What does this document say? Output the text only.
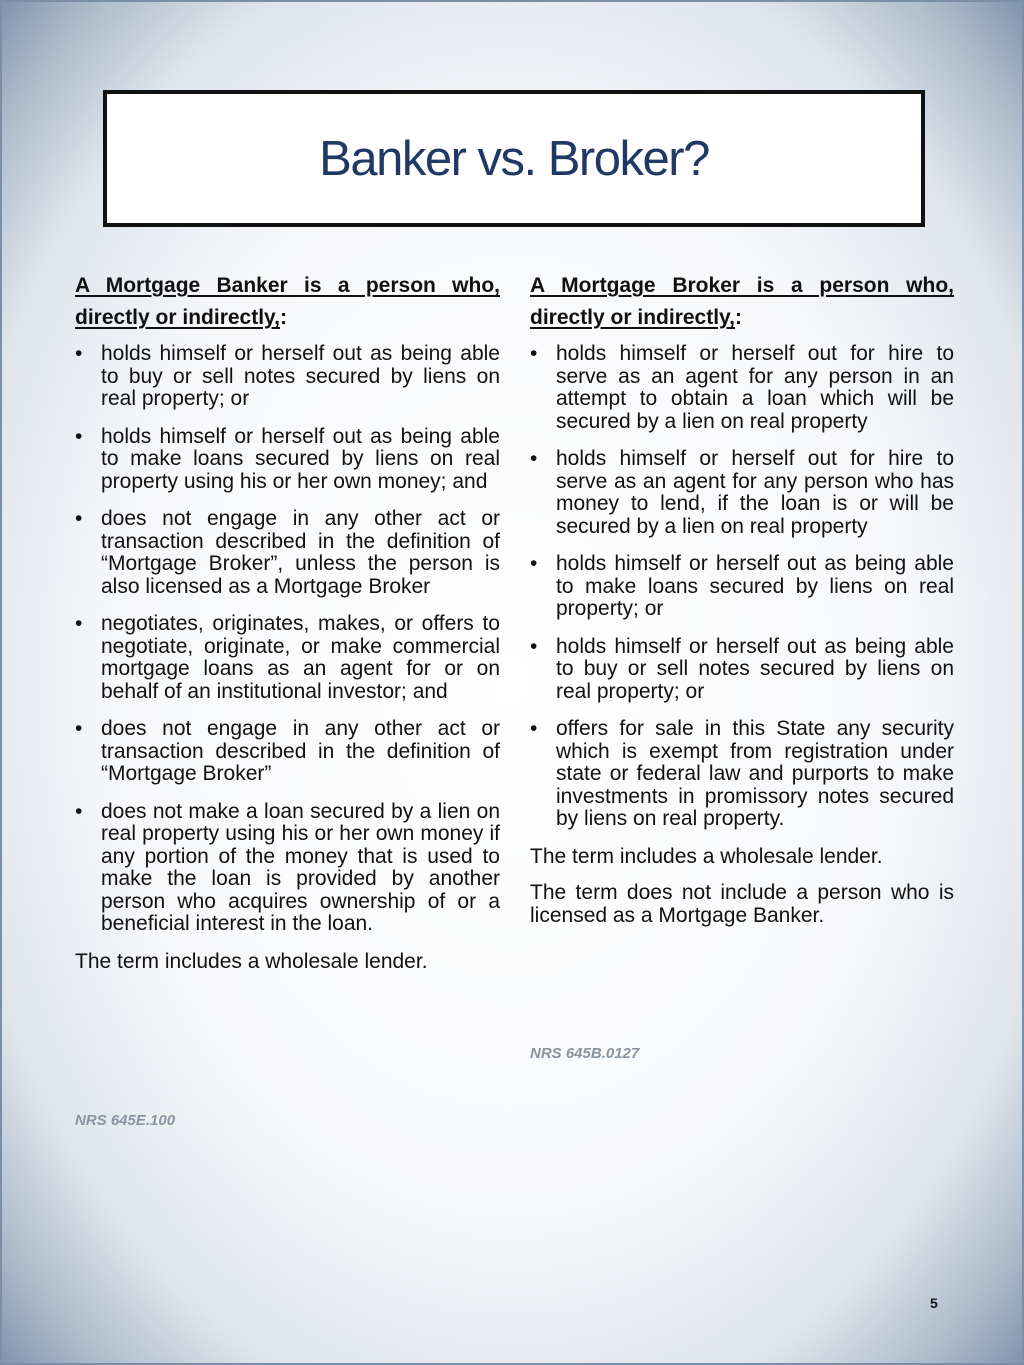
Banker vs. Broker?

A Mortgage Banker is a person who, directly or indirectly,:

• holds himself or herself out as being able to buy or sell notes secured by liens on real property; or
• holds himself or herself out as being able to make loans secured by liens on real property using his or her own money; and
• does not engage in any other act or transaction described in the definition of “Mortgage Broker”, unless the person is also licensed as a Mortgage Broker
• negotiates, originates, makes, or offers to negotiate, originate, or make commercial mortgage loans as an agent for or on behalf of an institutional investor; and
• does not engage in any other act or transaction described in the definition of “Mortgage Broker”
• does not make a loan secured by a lien on real property using his or her own money if any portion of the money that is used to make the loan is provided by another person who acquires ownership of or a beneficial interest in the loan.

The term includes a wholesale lender.

A Mortgage Broker is a person who, directly or indirectly,:

• holds himself or herself out for hire to serve as an agent for any person in an attempt to obtain a loan which will be secured by a lien on real property
• holds himself or herself out for hire to serve as an agent for any person who has money to lend, if the loan is or will be secured by a lien on real property
• holds himself or herself out as being able to make loans secured by liens on real property; or
• holds himself or herself out as being able to buy or sell notes secured by liens on real property; or
• offers for sale in this State any security which is exempt from registration under state or federal law and purports to make investments in promissory notes secured by liens on real property.

The term includes a wholesale lender.

The term does not include a person who is licensed as a Mortgage Banker.

NRS 645E.100
NRS 645B.0127
5
